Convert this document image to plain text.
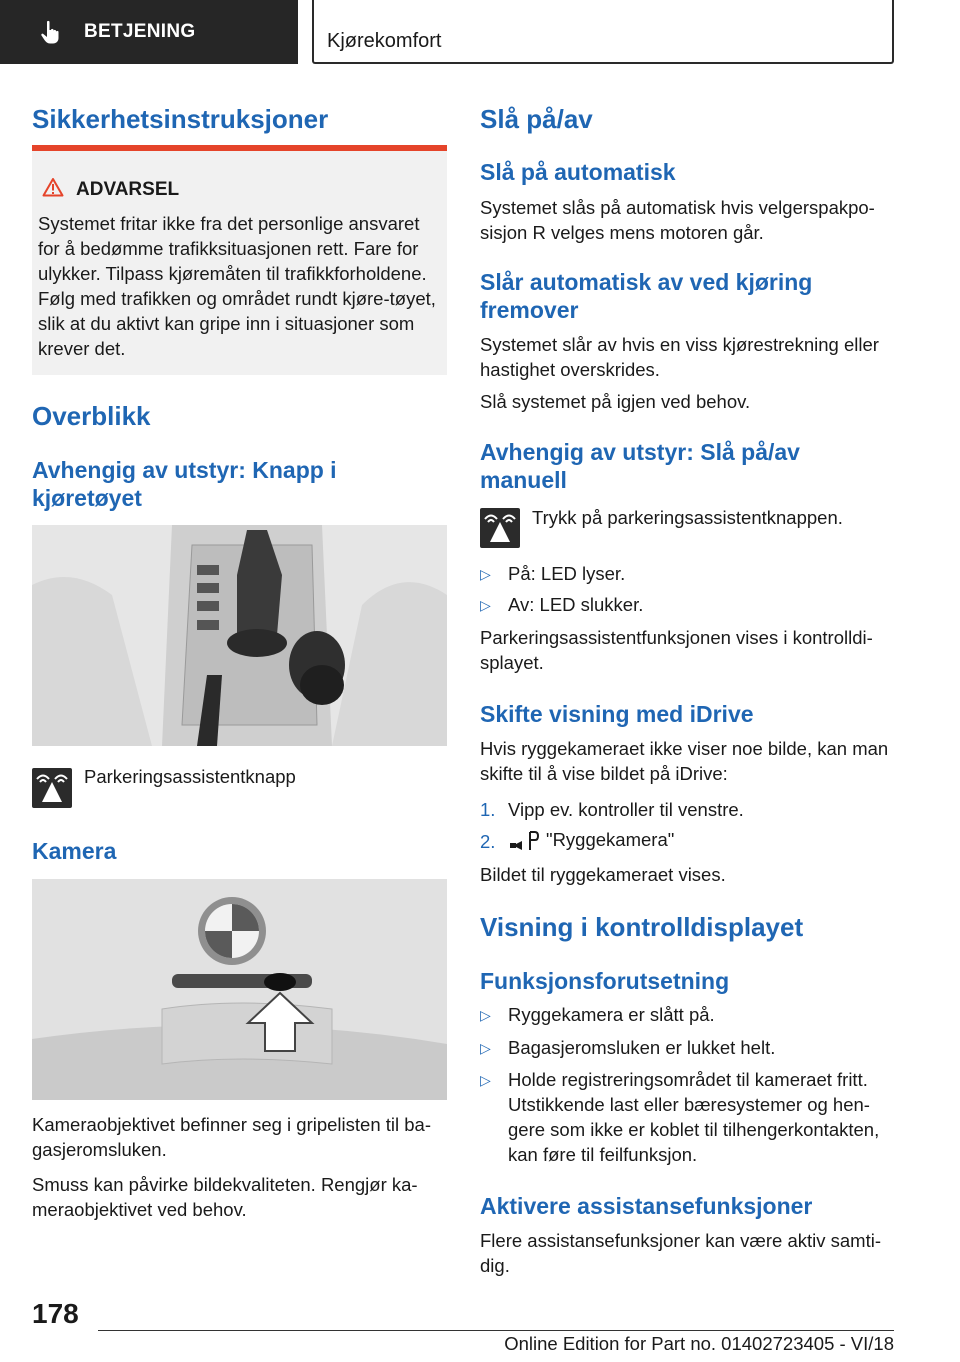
BETJENING	Kjørekomfort
Sikkerhetsinstruksjoner
ADVARSEL
Systemet fritar ikke fra det personlige ansvaret for å bedømme trafikksituasjonen rett. Fare for ulykker. Tilpass kjøremåten til trafikkforholdene. Følg med trafikken og området rundt kjøre-tøyet, slik at du aktivt kan gripe inn i situasjoner som krever det.
Overblikk
Avhengig av utstyr: Knapp i kjøretøyet
Parkeringsassistentknapp
Kamera
Kameraobjektivet befinner seg i gripelisten til ba-gasjeromsluken.
Smuss kan påvirke bildekvaliteten. Rengjør ka-meraobjektivet ved behov.
Slå på/av
Slå på automatisk
Systemet slås på automatisk hvis velgerspakpo-sisjon R velges mens motoren går.
Slår automatisk av ved kjøring fremover
Systemet slår av hvis en viss kjørestrekning eller hastighet overskrides.
Slå systemet på igjen ved behov.
Avhengig av utstyr: Slå på/av manuell
Trykk på parkeringsassistentknappen.
▷ På: LED lyser.
▷ Av: LED slukker.
Parkeringsassistentfunksjonen vises i kontrolldi-splayet.
Skifte visning med iDrive
Hvis ryggekameraet ikke viser noe bilde, kan man skifte til å vise bildet på iDrive:
1. Vipp ev. kontroller til venstre.
2.	"Ryggekamera"
Bildet til ryggekameraet vises.
Visning i kontrolldisplayet
Funksjonsforutsetning
▷ Ryggekamera er slått på.
▷ Bagasjeromsluken er lukket helt.
▷ Holde registreringsområdet til kameraet fritt. Utstikkende last eller bæresystemer og hen-gere som ikke er koblet til tilhengerkontakten, kan føre til feilfunksjon.
Aktivere assistansefunksjoner
Flere assistansefunksjoner kan være aktiv samti-dig.
178
Online Edition for Part no. 01402723405 - VI/18
